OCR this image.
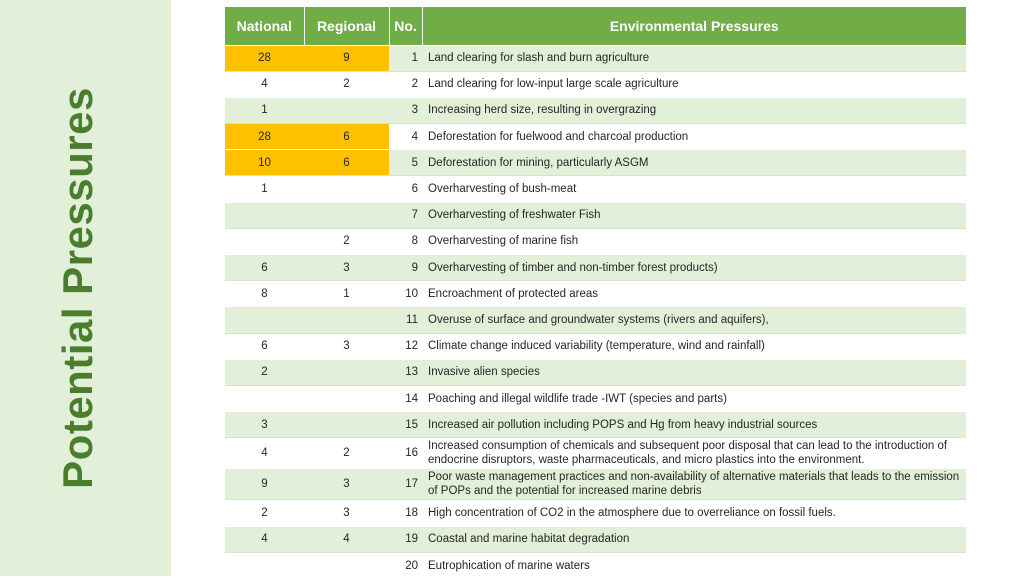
Potential Pressures
National	Regional	No.	Environmental Pressures
28	9	1	Land clearing for slash and burn agriculture
4	2	2	Land clearing for low-input large scale agriculture
1		3	Increasing herd size, resulting in overgrazing
28	6	4	Deforestation for fuelwood and charcoal production
10	6	5	Deforestation for mining, particularly ASGM
1		6	Overharvesting of bush-meat
		7	Overharvesting of freshwater Fish
	2	8	Overharvesting of marine fish
6	3	9	Overharvesting of timber and non-timber forest products)
8	1	10	Encroachment of protected areas
		11	Overuse of surface and groundwater systems (rivers and aquifers),
6	3	12	Climate change induced variability (temperature, wind and rainfall)
2		13	Invasive alien species
		14	Poaching and illegal wildlife trade -IWT (species and parts)
3		15	Increased air pollution including POPS and Hg from heavy industrial sources
4	2	16	Increased consumption of chemicals and subsequent poor disposal that can lead to the introduction of endocrine disruptors, waste pharmaceuticals, and micro plastics into the environment.
9	3	17	Poor waste management practices and non-availability of alternative materials that leads to the emission of POPs and the potential for increased marine debris
2	3	18	High concentration of CO2 in the atmosphere due to overreliance on fossil fuels.
4	4	19	Coastal and marine habitat degradation
		20	Eutrophication of marine waters
